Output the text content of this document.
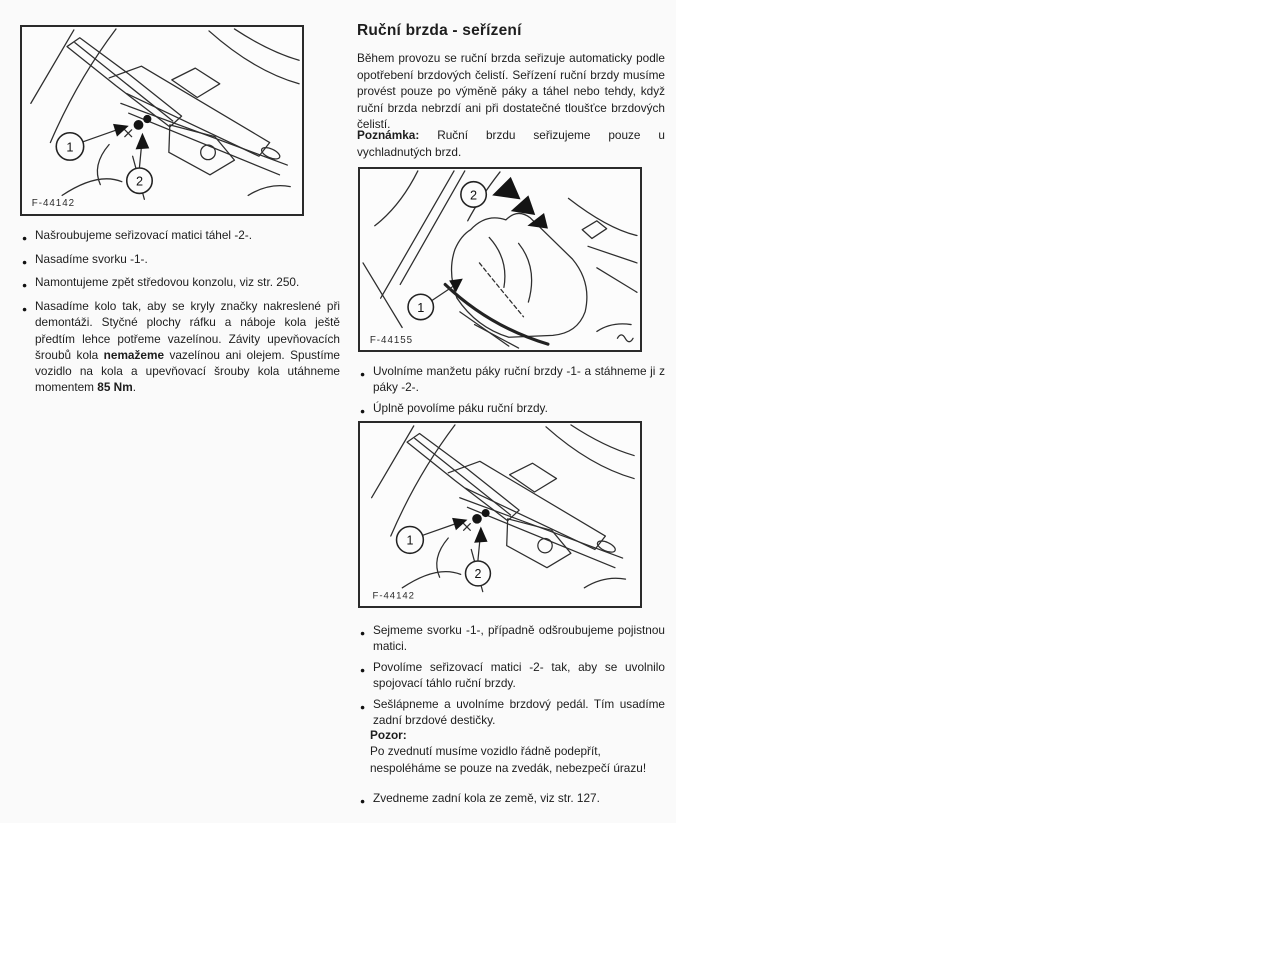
1
2
F-44142
● Našroubujeme seřizovací matici táhel -2-.
● Nasadíme svorku -1-.
● Namontujeme zpět středovou konzolu, viz str. 250.
● Nasadíme kolo tak, aby se kryly značky nakreslené při demontáži. Styčné plochy ráfku a náboje kola ještě předtím lehce potřeme vazelínou. Závity upevňovacích šroubů kola nemažeme vazelínou ani olejem. Spustíme vozidlo na kola a upevňovací šrouby kola utáhneme momentem 85 Nm.
Ruční brzda - seřízení
Během provozu se ruční brzda seřizuje automaticky podle opotřebení brzdových čelistí. Seřízení ruční brzdy musíme provést pouze po výměně páky a táhel nebo tehdy, když ruční brzda nebrzdí ani při dostatečné tloušťce brzdových čelistí.
Poznámka: Ruční brzdu seřizujeme pouze u vychladnutých brzd.
2
1
F-44155
● Uvolníme manžetu páky ruční brzdy -1- a stáhneme ji z páky -2-.
● Úplně povolíme páku ruční brzdy.
1
2
F-44142
● Sejmeme svorku -1-, případně odšroubujeme pojistnou matici.
● Povolíme seřizovací matici -2- tak, aby se uvolnilo spojovací táhlo ruční brzdy.
● Sešlápneme a uvolníme brzdový pedál. Tím usadíme zadní brzdové destičky.
Pozor:
Po zvednutí musíme vozidlo řádně podepřít, nespoléháme se pouze na zvedák, nebezpečí úrazu!
● Zvedneme zadní kola ze země, viz str. 127.
